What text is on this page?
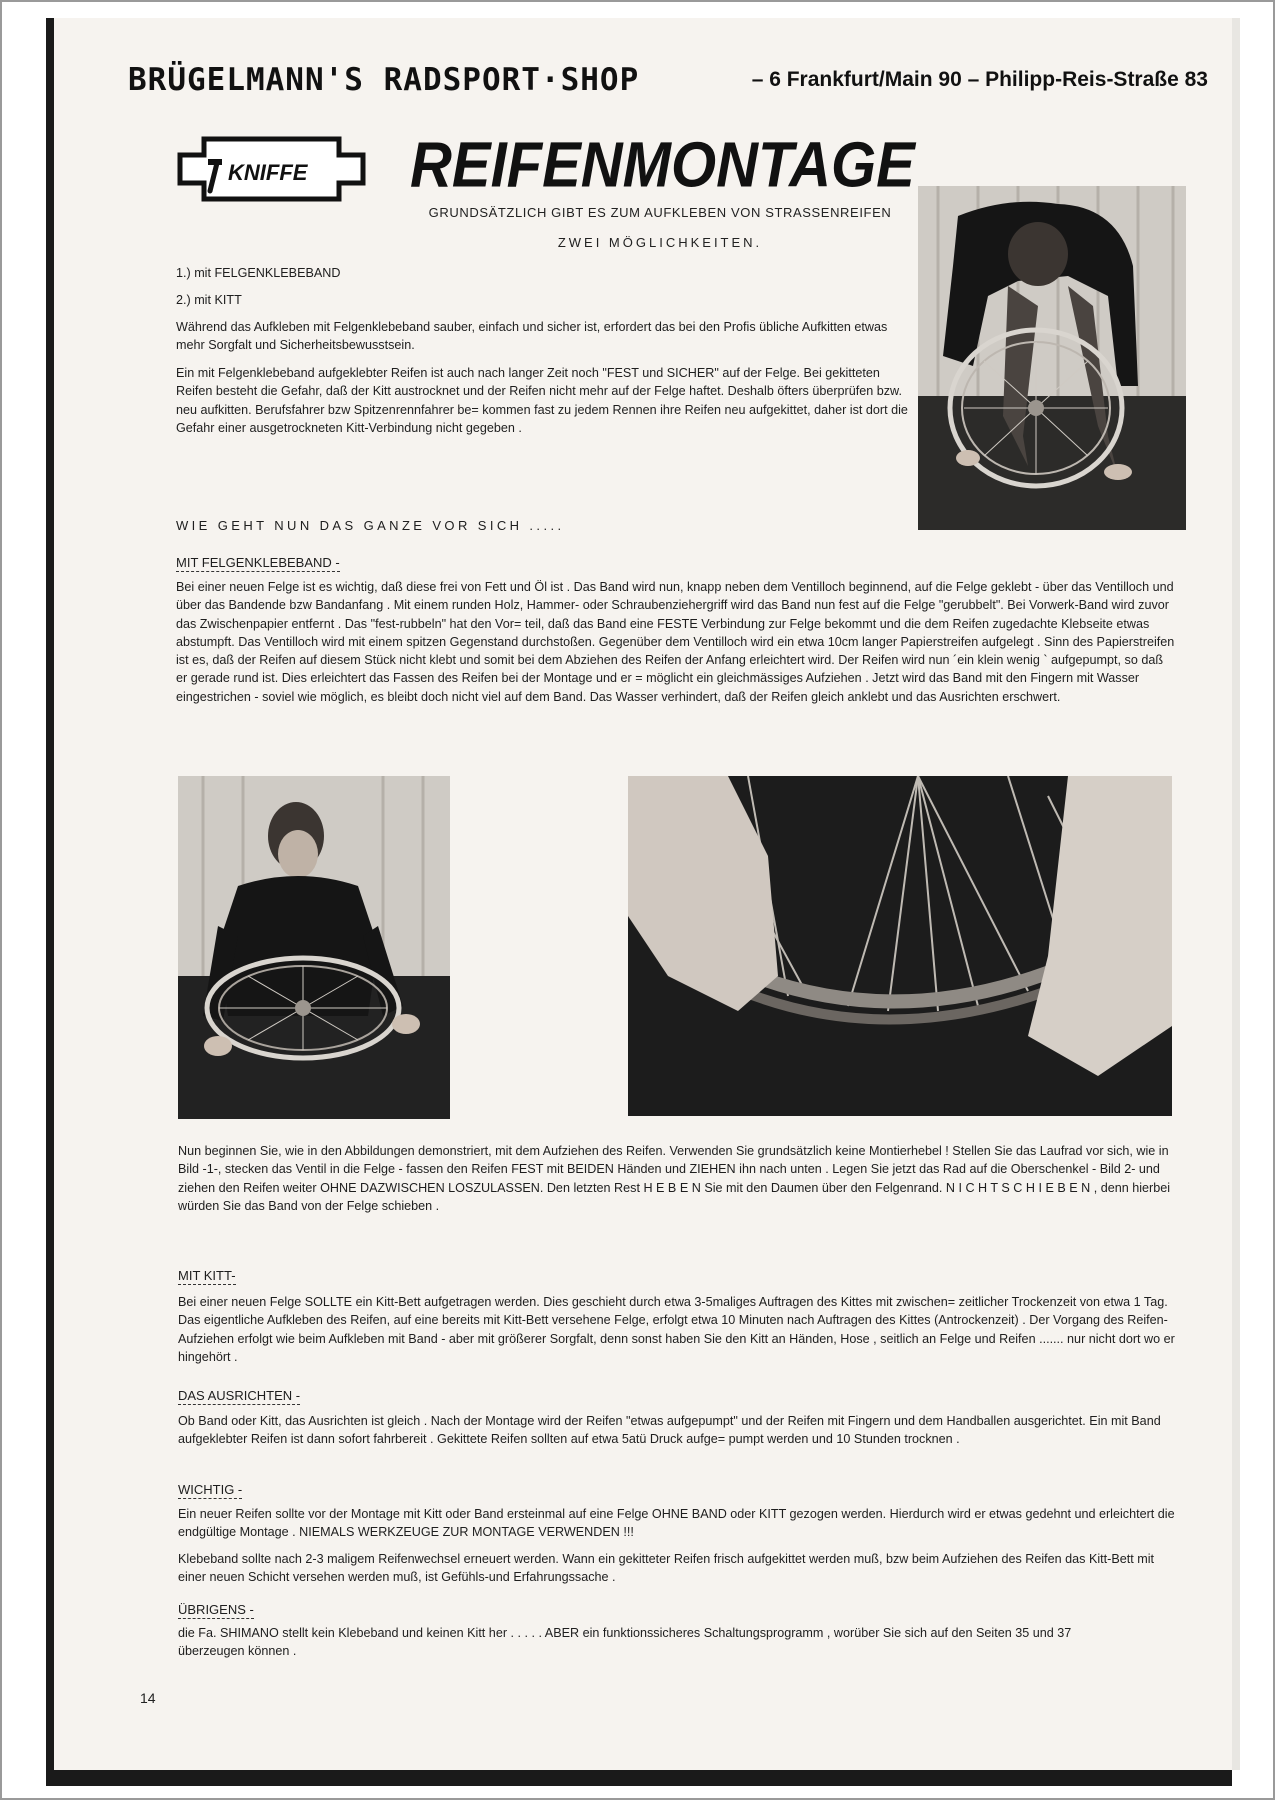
BRÜGELMANN'S RADSPORT·SHOP	– 6 Frankfurt/Main 90 – Philipp-Reis-Straße 83
KNIFFE REIFENMONTAGE
GRUNDSÄTZLICH GIBT ES ZUM AUFKLEBEN VON STRASSENREIFEN
ZWEI MÖGLICHKEITEN.
1.) mit FELGENKLEBEBAND
2.) mit KITT
Während das Aufkleben mit Felgenklebeband sauber, einfach und sicher ist, erfordert das bei den Profis übliche Aufkitten etwas mehr Sorgfalt und Sicherheitsbewusstsein.
Ein mit Felgenklebeband aufgeklebter Reifen ist auch nach langer Zeit noch "FEST und SICHER" auf der Felge. Bei gekitteten Reifen besteht die Gefahr, daß der Kitt austrocknet und der Reifen nicht mehr auf der Felge haftet. Deshalb öfters überprüfen bzw. neu aufkitten. Berufsfahrer bzw Spitzenrennfahrer be= kommen fast zu jedem Rennen ihre Reifen neu aufgekittet, daher ist dort die Gefahr einer ausgetrockneten Kitt-Verbindung nicht gegeben .
WIE GEHT NUN DAS GANZE VOR SICH .....
MIT FELGENKLEBEBAND -
Bei einer neuen Felge ist es wichtig, daß diese frei von Fett und Öl ist . Das Band wird nun, knapp neben dem Ventilloch beginnend, auf die Felge geklebt - über das Ventilloch und über das Bandende bzw Bandanfang . Mit einem runden Holz, Hammer- oder Schraubenziehergriff wird das Band nun fest auf die Felge "gerubbelt". Bei Vorwerk-Band wird zuvor das Zwischenpapier entfernt . Das "fest-rubbeln" hat den Vor= teil, daß das Band eine FESTE Verbindung zur Felge bekommt und die dem Reifen zugedachte Klebseite etwas abstumpft. Das Ventilloch wird mit einem spitzen Gegenstand durchstoßen. Gegenüber dem Ventilloch wird ein etwa 10cm langer Papierstreifen aufgelegt . Sinn des Papierstreifen ist es, daß der Reifen auf diesem Stück nicht klebt und somit bei dem Abziehen des Reifen der Anfang erleichtert wird. Der Reifen wird nun ´ein klein wenig ` aufgepumpt, so daß er gerade rund ist. Dies erleichtert das Fassen des Reifen bei der Montage und er = möglicht ein gleichmässiges Aufziehen . Jetzt wird das Band mit den Fingern mit Wasser eingestrichen - soviel wie möglich, es bleibt doch nicht viel auf dem Band. Das Wasser verhindert, daß der Reifen gleich anklebt und das Ausrichten erschwert.
Nun beginnen Sie, wie in den Abbildungen demonstriert, mit dem Aufziehen des Reifen. Verwenden Sie grundsätzlich keine Montierhebel ! Stellen Sie das Laufrad vor sich, wie in Bild -1-, stecken das Ventil in die Felge - fassen den Reifen FEST mit BEIDEN Händen und ZIEHEN ihn nach unten . Legen Sie jetzt das Rad auf die Oberschenkel - Bild 2- und ziehen den Reifen weiter OHNE DAZWISCHEN LOSZULASSEN. Den letzten Rest H E B E N Sie mit den Daumen über den Felgenrand. N I C H T S C H I E B E N , denn hierbei würden Sie das Band von der Felge schieben .
MIT KITT-
Bei einer neuen Felge SOLLTE ein Kitt-Bett aufgetragen werden. Dies geschieht durch etwa 3-5maliges Auftragen des Kittes mit zwischen= zeitlicher Trockenzeit von etwa 1 Tag. Das eigentliche Aufkleben des Reifen, auf eine bereits mit Kitt-Bett versehene Felge, erfolgt etwa 10 Minuten nach Auftragen des Kittes (Antrockenzeit) . Der Vorgang des Reifen-Aufziehen erfolgt wie beim Aufkleben mit Band - aber mit größerer Sorgfalt, denn sonst haben Sie den Kitt an Händen, Hose , seitlich an Felge und Reifen ....... nur nicht dort wo er hingehört .
DAS AUSRICHTEN -
Ob Band oder Kitt, das Ausrichten ist gleich . Nach der Montage wird der Reifen "etwas aufgepumpt" und der Reifen mit Fingern und dem Handballen ausgerichtet. Ein mit Band aufgeklebter Reifen ist dann sofort fahrbereit . Gekittete Reifen sollten auf etwa 5atü Druck aufge= pumpt werden und 10 Stunden trocknen .
WICHTIG -
Ein neuer Reifen sollte vor der Montage mit Kitt oder Band ersteinmal auf eine Felge OHNE BAND oder KITT gezogen werden. Hierdurch wird er etwas gedehnt und erleichtert die endgültige Montage . NIEMALS WERKZEUGE ZUR MONTAGE VERWENDEN !!!
Klebeband sollte nach 2-3 maligem Reifenwechsel erneuert werden. Wann ein gekitteter Reifen frisch aufgekittet werden muß, bzw beim Aufziehen des Reifen das Kitt-Bett mit einer neuen Schicht versehen werden muß, ist Gefühls-und Erfahrungssache .
ÜBRIGENS -
die Fa. SHIMANO stellt kein Klebeband und keinen Kitt her . . . . . ABER ein funktionssicheres Schaltungsprogramm , worüber Sie sich auf den Seiten 35 und 37 überzeugen können .
14
